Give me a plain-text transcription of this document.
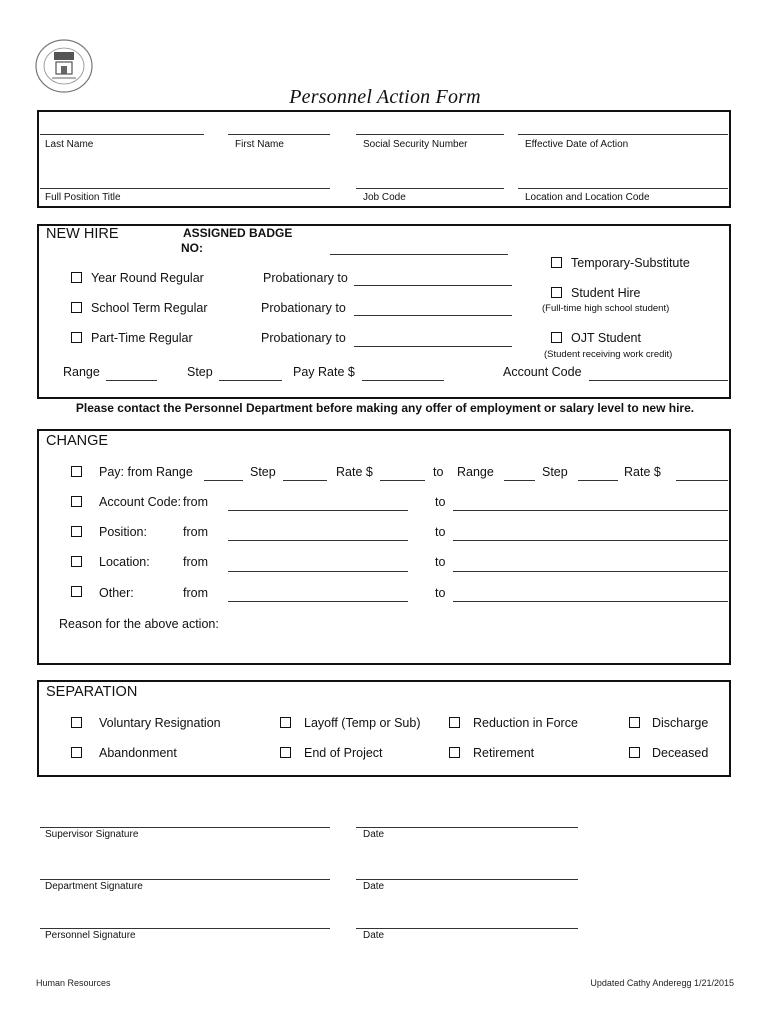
Personnel Action Form
Last Name	First Name	Social Security Number	Effective Date of Action
Full Position Title	Job Code	Location and Location Code
NEW HIRE	ASSIGNED BADGE
NO:
Year Round Regular	Probationary to
School Term Regular	Probationary to
Part-Time Regular	Probationary to
Temporary-Substitute
Student Hire
(Full-time high school student)
OJT Student
(Student receiving work credit)
Range	Step	Pay Rate $	Account Code
Please contact the Personnel Department before making any offer of employment or salary level to new hire.
CHANGE
Pay: from Range	Step	Rate $	to Range	Step	Rate $
Account Code: from	to
Position:	from	to
Location:	from	to
Other:	from	to
Reason for the above action:
SEPARATION
Voluntary Resignation	Layoff (Temp or Sub)	Reduction in Force	Discharge
Abandonment	End of Project	Retirement	Deceased
Supervisor Signature	Date
Department Signature	Date
Personnel Signature	Date
Human Resources	Updated Cathy Anderegg 1/21/2015
